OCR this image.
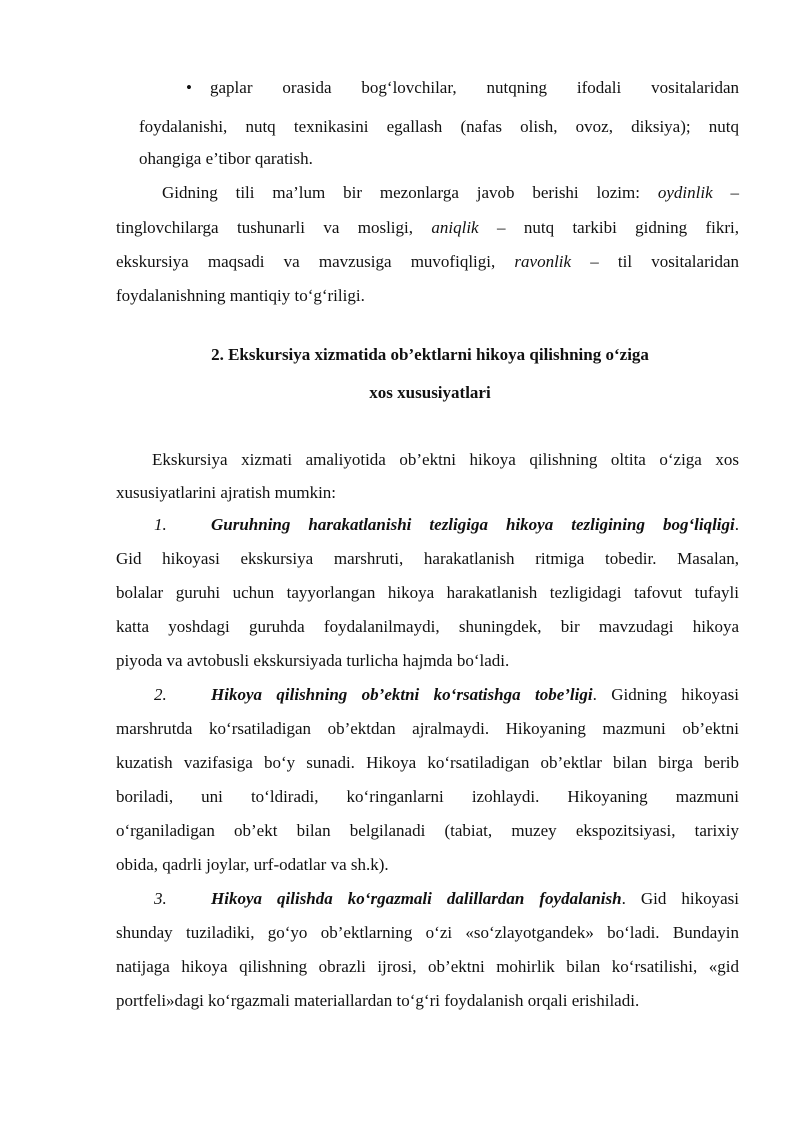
• gaplar orasida bog‘lovchilar, nutqning ifodali vositalaridan
foydalanishi, nutq texnikasini egallash (nafas olish, ovoz, diksiya); nutq
ohangiga e’tibor qaratish.
Gidning tili ma’lum bir mezonlarga javob berishi lozim: oydinlik –
tinglovchilarga tushunarli va mosligi, aniqlik – nutq tarkibi gidning fikri,
ekskursiya maqsadi va mavzusiga muvofiqligi, ravonlik – til vositalaridan
foydalanishning mantiqiy to‘g‘riligi.
2. Ekskursiya xizmatida ob’ektlarni hikoya qilishning o‘ziga
xos xususiyatlari
Ekskursiya xizmati amaliyotida ob’ektni hikoya qilishning oltita o‘ziga xos
xususiyatlarini ajratish mumkin:
1.	Guruhning harakatlanishi tezligiga hikoya tezligining bog‘liqligi.
Gid hikoyasi ekskursiya marshruti, harakatlanish ritmiga tobedir. Masalan,
bolalar guruhi uchun tayyorlangan hikoya harakatlanish tezligidagi tafovut tufayli
katta yoshdagi guruhda foydalanilmaydi, shuningdek, bir mavzudagi hikoya
piyoda va avtobusli ekskursiyada turlicha hajmda bo‘ladi.
2.	Hikoya qilishning ob’ektni ko‘rsatishga tobe’ligi. Gidning hikoyasi
marshrutda ko‘rsatiladigan ob’ektdan ajralmaydi. Hikoyaning mazmuni ob’ektni
kuzatish vazifasiga bo‘y sunadi. Hikoya ko‘rsatiladigan ob’ektlar bilan birga berib
boriladi, uni to‘ldiradi, ko‘ringanlarni izohlaydi. Hikoyaning mazmuni
o‘rganiladigan ob’ekt bilan belgilanadi (tabiat, muzey ekspozitsiyasi, tarixiy
obida, qadrli joylar, urf-odatlar va sh.k).
3.	Hikoya qilishda ko‘rgazmali dalillardan foydalanish. Gid hikoyasi
shunday tuziladiki, go‘yo ob’ektlarning o‘zi «so‘zlayotgandek» bo‘ladi. Bundayin
natijaga hikoya qilishning obrazli ijrosi, ob’ektni mohirlik bilan ko‘rsatilishi, «gid
portfeli»dagi ko‘rgazmali materiallardan to‘g‘ri foydalanish orqali erishiladi.
